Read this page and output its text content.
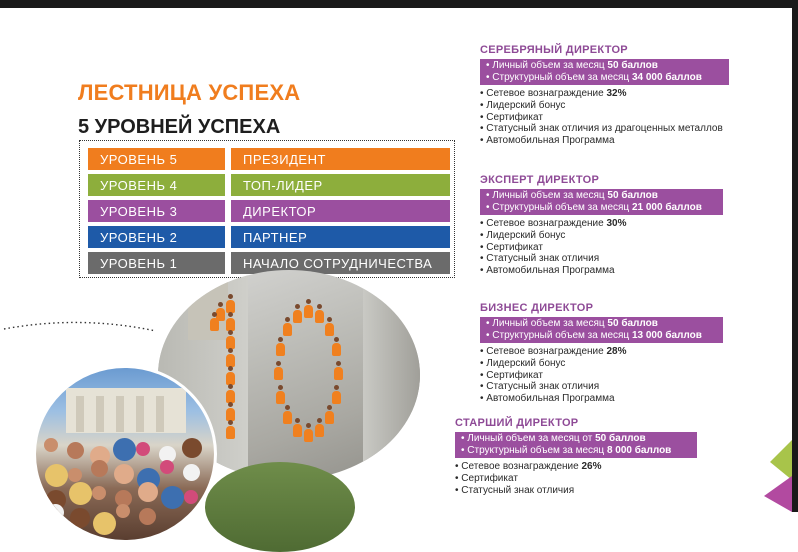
ЛЕСТНИЦА УСПЕХА
5 УРОВНЕЙ УСПЕХА
УРОВЕНЬ 5	ПРЕЗИДЕНТ
УРОВЕНЬ 4	ТОП-ЛИДЕР
УРОВЕНЬ 3	ДИРЕКТОР
УРОВЕНЬ 2	ПАРТНЕР
УРОВЕНЬ 1	НАЧАЛО СОТРУДНИЧЕСТВА
СЕРЕБРЯНЫЙ ДИРЕКТОР
• Личный объем за месяц 50 баллов
• Структурный объем за месяц 34 000 баллов
• Сетевое вознаграждение 32%
• Лидерский бонус
• Сертификат
• Статусный знак отличия из драгоценных металлов
• Автомобильная Программа
ЭКСПЕРТ ДИРЕКТОР
• Личный объем за месяц 50 баллов
• Структурный объем за месяц 21 000 баллов
• Сетевое вознаграждение 30%
• Лидерский бонус
• Сертификат
• Статусный знак отличия
• Автомобильная Программа
БИЗНЕС ДИРЕКТОР
• Личный объем за месяц 50 баллов
• Структурный объем за месяц 13 000 баллов
• Сетевое вознаграждение 28%
• Лидерский бонус
• Сертификат
• Статусный знак отличия
• Автомобильная Программа
СТАРШИЙ ДИРЕКТОР
• Личный объем за месяц от 50 баллов
• Структурный объем за месяц 8 000 баллов
• Сетевое вознаграждение 26%
• Сертификат
• Статусный знак отличия
